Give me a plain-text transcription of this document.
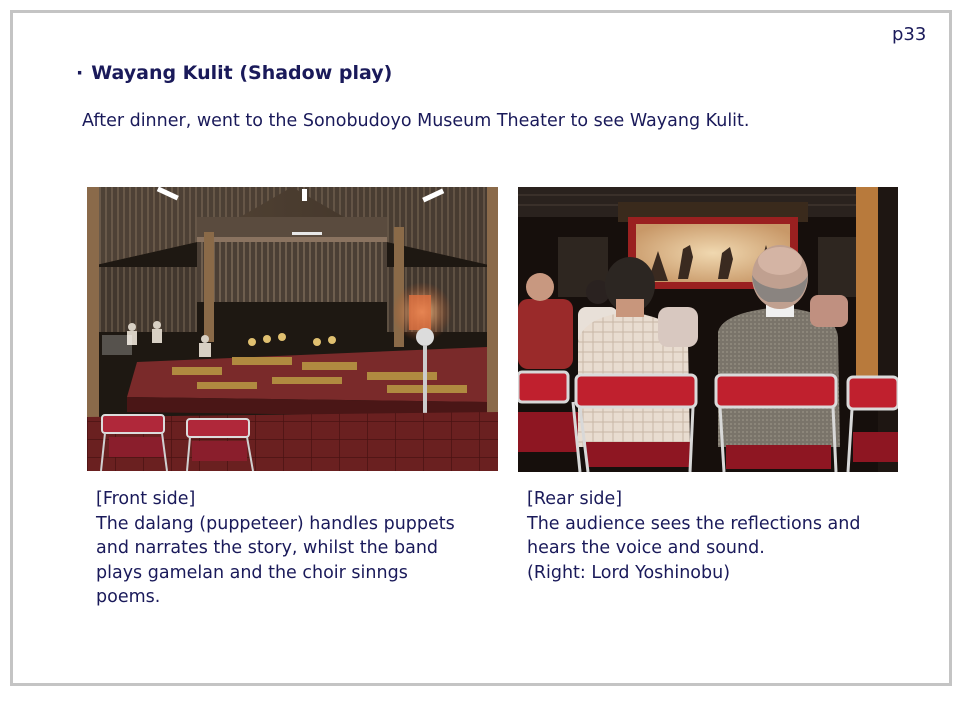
p33
· Wayang Kulit (Shadow play)
After dinner, went to the Sonobudoyo Museum Theater to see Wayang Kulit.
[Front side]
The dalang (puppeteer) handles puppets
and narrates the story, whilst the band
plays gamelan and the choir sinngs
poems.
[Rear side]
The audience sees the reflections and
hears the voice and sound.
(Right: Lord Yoshinobu)
